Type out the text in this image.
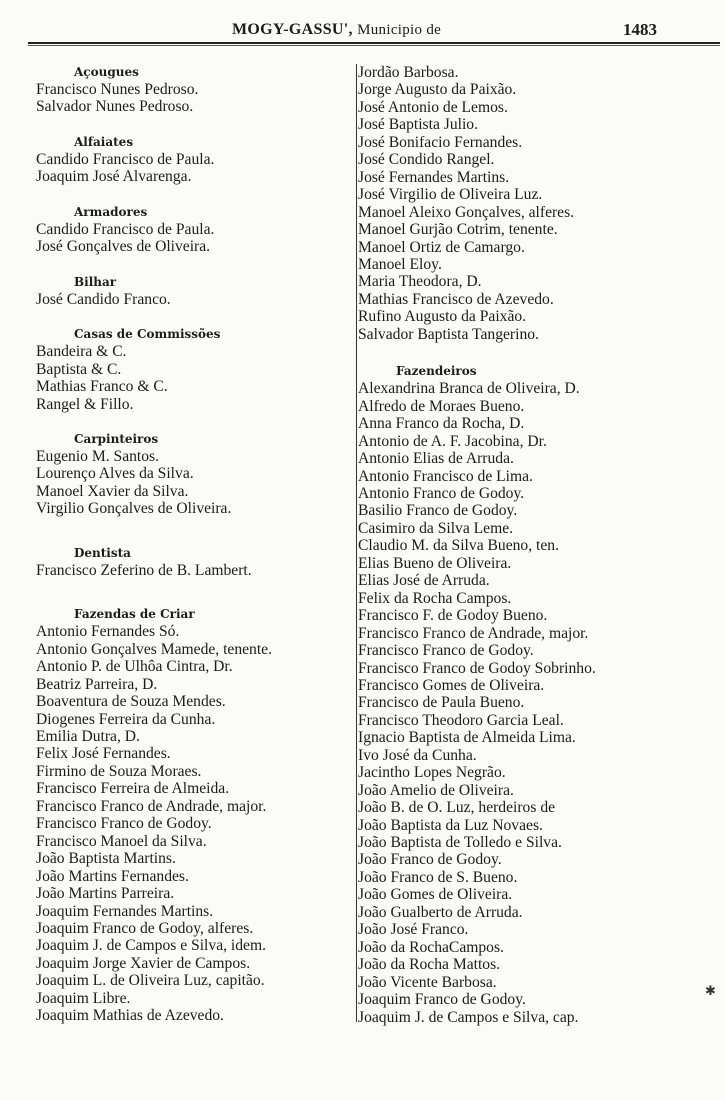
MOGY-GASSU', Municipio de	1483
Açougues
Francisco Nunes Pedroso.
Salvador Nunes Pedroso.
Alfaiates
Candido Francisco de Paula.
Joaquim José Alvarenga.
Armadores
Candido Francisco de Paula.
José Gonçalves de Oliveira.
Bilhar
José Candido Franco.
Casas de Commissões
Bandeira & C.
Baptista & C.
Mathias Franco & C.
Rangel & Fillo.
Carpinteiros
Eugenio M. Santos.
Lourenço Alves da Silva.
Manoel Xavier da Silva.
Virgilio Gonçalves de Oliveira.
Dentista
Francisco Zeferino de B. Lambert.
Fazendas de Criar
Antonio Fernandes Só.
Antonio Gonçalves Mamede, tenente.
Antonio P. de Ulhôa Cintra, Dr.
Beatriz Parreira, D.
Boaventura de Souza Mendes.
Diogenes Ferreira da Cunha.
Emilia Dutra, D.
Felix José Fernandes.
Firmino de Souza Moraes.
Francisco Ferreira de Almeida.
Francisco Franco de Andrade, major.
Francisco Franco de Godoy.
Francisco Manoel da Silva.
João Baptista Martins.
João Martins Fernandes.
João Martins Parreira.
Joaquim Fernandes Martins.
Joaquim Franco de Godoy, alferes.
Joaquim J. de Campos e Silva, idem.
Joaquim Jorge Xavier de Campos.
Joaquim L. de Oliveira Luz, capitão.
Joaquim Libre.
Joaquim Mathias de Azevedo.
Jordão Barbosa.
Jorge Augusto da Paixão.
José Antonio de Lemos.
José Baptista Julio.
José Bonifacio Fernandes.
José Condido Rangel.
José Fernandes Martins.
José Virgilio de Oliveira Luz.
Manoel Aleixo Gonçalves, alferes.
Manoel Gurjão Cotrim, tenente.
Manoel Ortiz de Camargo.
Manoel Eloy.
Maria Theodora, D.
Mathias Francisco de Azevedo.
Rufino Augusto da Paixão.
Salvador Baptista Tangerino.
Fazendeiros
Alexandrina Branca de Oliveira, D.
Alfredo de Moraes Bueno.
Anna Franco da Rocha, D.
Antonio de A. F. Jacobina, Dr.
Antonio Elias de Arruda.
Antonio Francisco de Lima.
Antonio Franco de Godoy.
Basilio Franco de Godoy.
Casimiro da Silva Leme.
Claudio M. da Silva Bueno, ten.
Elias Bueno de Oliveira.
Elias José de Arruda.
Felix da Rocha Campos.
Francisco F. de Godoy Bueno.
Francisco Franco de Andrade, major.
Francisco Franco de Godoy.
Francisco Franco de Godoy Sobrinho.
Francisco Gomes de Oliveira.
Francisco de Paula Bueno.
Francisco Theodoro Garcia Leal.
Ignacio Baptista de Almeida Lima.
Ivo José da Cunha.
Jacintho Lopes Negrão.
João Amelio de Oliveira.
João B. de O. Luz, herdeiros de
João Baptista da Luz Novaes.
João Baptista de Tolledo e Silva.
João Franco de Godoy.
João Franco de S. Bueno.
João Gomes de Oliveira.
João Gualberto de Arruda.
João José Franco.
João da RochaCampos.
João da Rocha Mattos.
João Vicente Barbosa.
Joaquim Franco de Godoy.
Joaquim J. de Campos e Silva, cap.
✱
